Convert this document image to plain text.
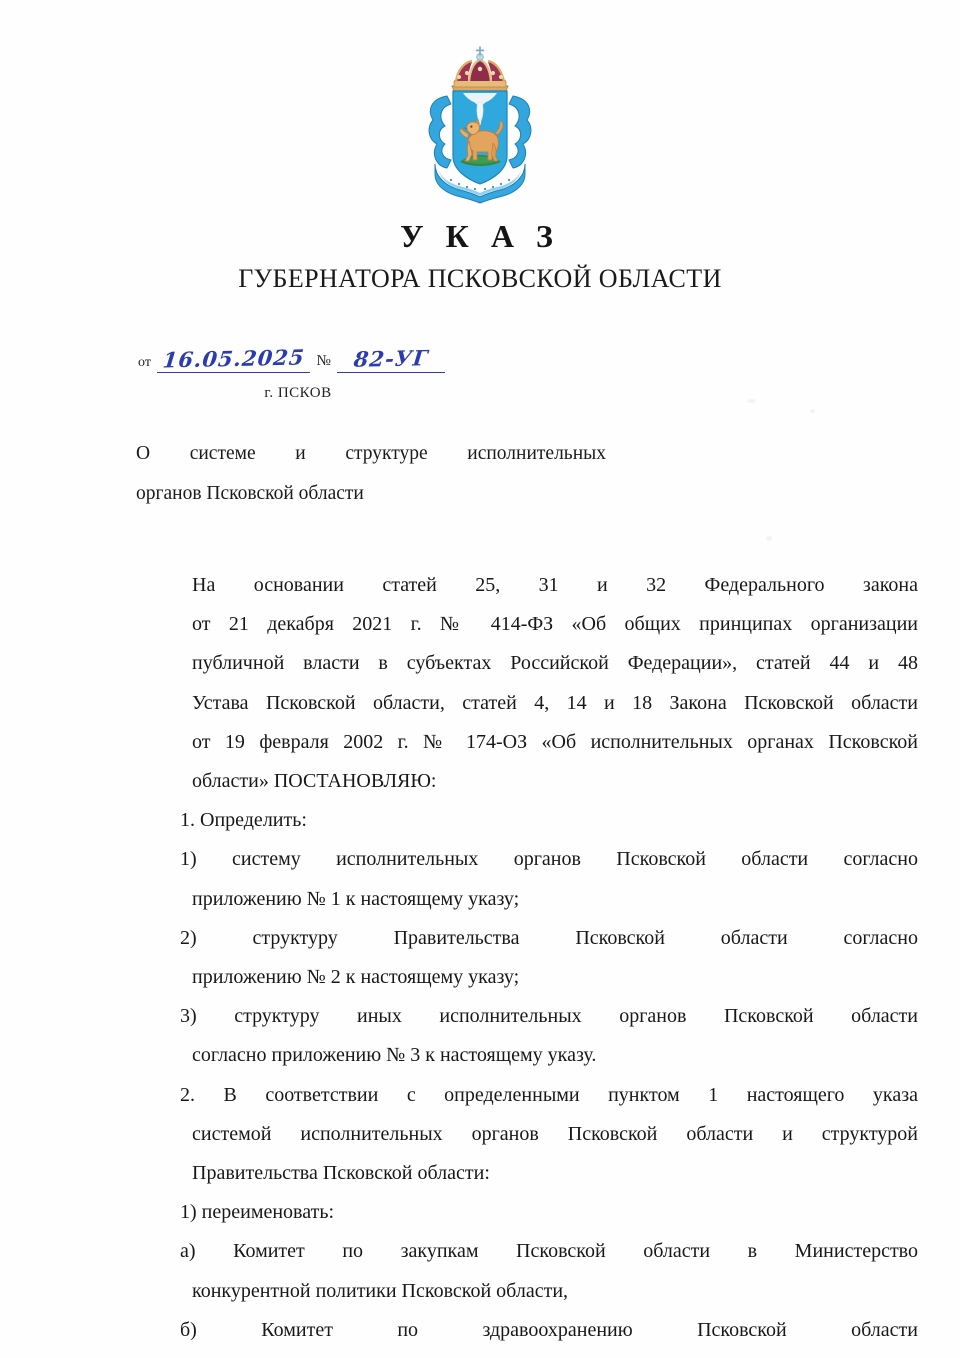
У К А З
ГУБЕРНАТОРА ПСКОВСКОЙ ОБЛАСТИ
от 16.05.2025 №	82-УГ
г. ПСКОВ
О системе и структуре исполнительных
органов Псковской области

На основании статей 25, 31 и 32 Федерального закона
от 21 декабря 2021 г. № 414-ФЗ «Об общих принципах организации
публичной власти в субъектах Российской Федерации», статей 44 и 48
Устава Псковской области, статей 4, 14 и 18 Закона Псковской области
от 19 февраля 2002 г. № 174-ОЗ «Об исполнительных органах Псковской
области» ПОСТАНОВЛЯЮ:

1. Определить:

1) систему исполнительных органов Псковской области согласно
приложению № 1 к настоящему указу;

2) структуру Правительства Псковской области согласно
приложению № 2 к настоящему указу;

3) структуру иных исполнительных органов Псковской области
согласно приложению № 3 к настоящему указу.

2. В соответствии с определенными пунктом 1 настоящего указа
системой исполнительных органов Псковской области и структурой
Правительства Псковской области:

1) переименовать:

а) Комитет по закупкам Псковской области в Министерство
конкурентной политики Псковской области,

б) Комитет по здравоохранению Псковской области
